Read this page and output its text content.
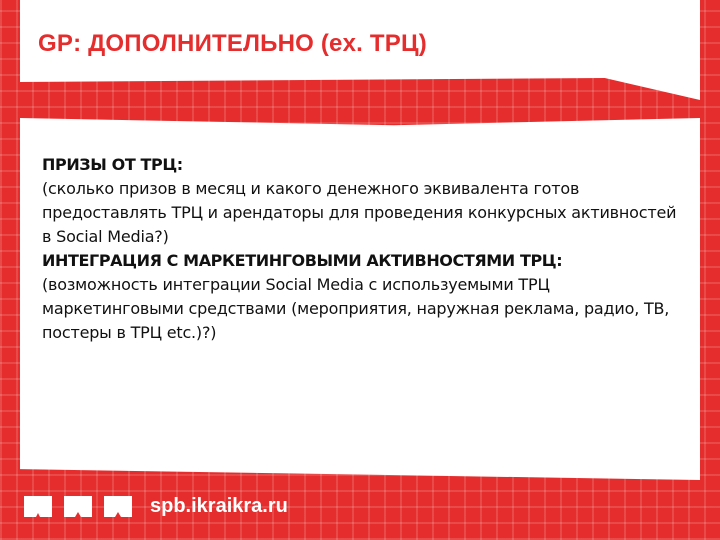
GP: ДОПОЛНИТЕЛЬНО (ex. ТРЦ)

ПРИЗЫ ОТ ТРЦ:

(сколько призов в месяц и какого денежного эквивалента готов предоставлять ТРЦ и арендаторы для проведения конкурсных активностей в Social Media?)

ИНТЕГРАЦИЯ С МАРКЕТИНГОВЫМИ АКТИВНОСТЯМИ ТРЦ:

(возможность интеграции Social Media с используемыми ТРЦ маркетинговыми средствами (мероприятия, наружная реклама, радио, ТВ, постеры в ТРЦ etc.)?)

spb.ikraikra.ru
